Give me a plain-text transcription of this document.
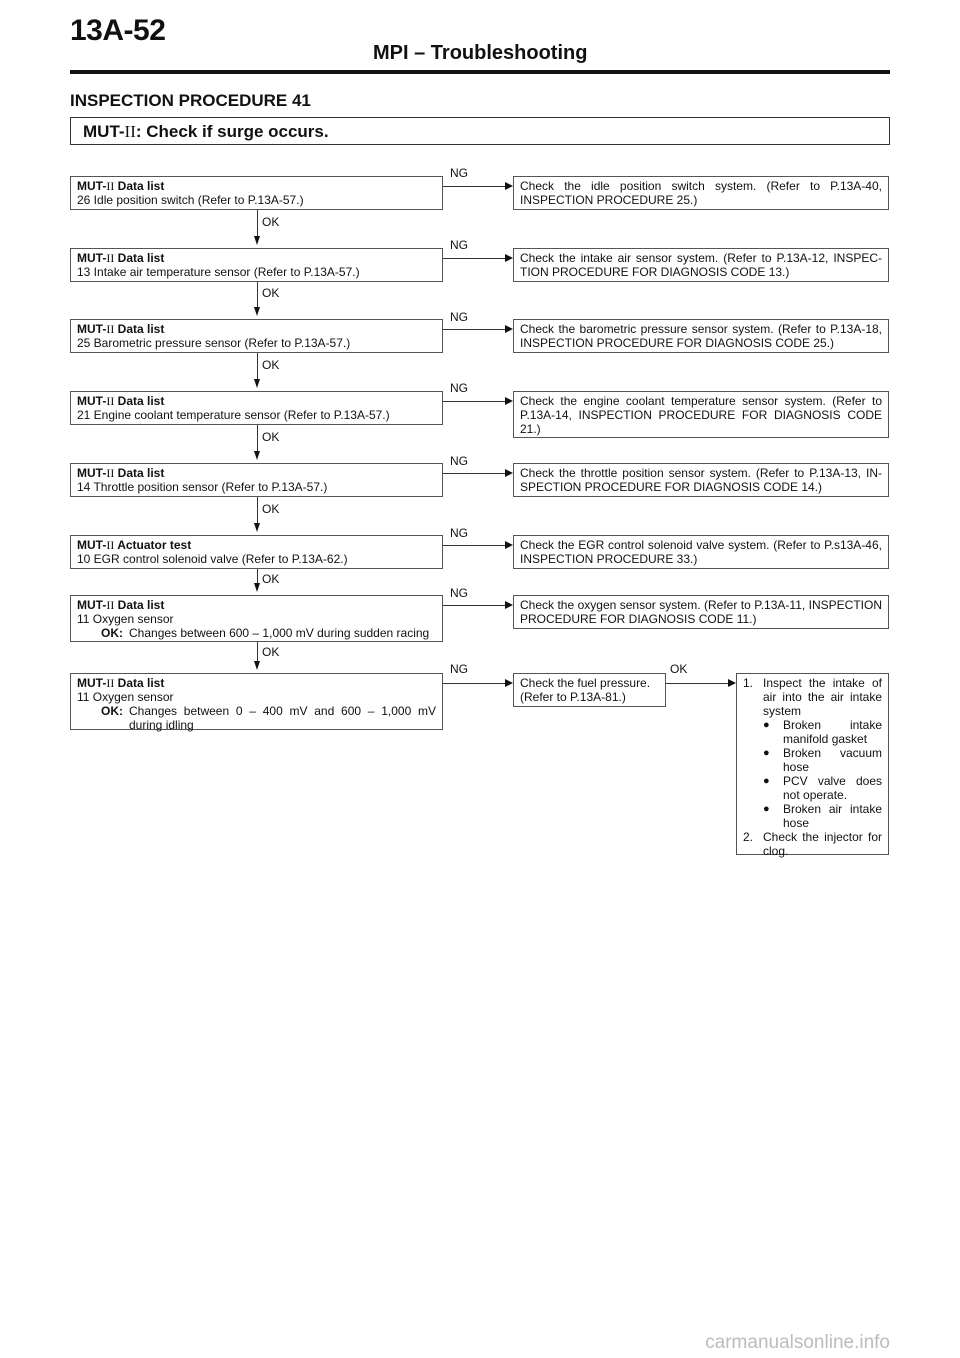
13A-52
MPI – Troubleshooting
INSPECTION PROCEDURE 41
MUT-II: Check if surge occurs.
MUT-II Data list
26 Idle position switch (Refer to P.13A-57.)
NG
Check the idle position switch system. (Refer to P.13A-40, INSPECTION PROCEDURE 25.)
OK
MUT-II Data list
13 Intake air temperature sensor (Refer to P.13A-57.)
NG
Check the intake air sensor system. (Refer to P.13A-12, INSPEC- TION PROCEDURE FOR DIAGNOSIS CODE 13.)
OK
MUT-II Data list
25 Barometric pressure sensor (Refer to P.13A-57.)
NG
Check the barometric pressure sensor system. (Refer to P.13A-18, INSPECTION PROCEDURE FOR DIAGNOSIS CODE 25.)
OK
MUT-II Data list
21 Engine coolant temperature sensor (Refer to P.13A-57.)
NG
Check the engine coolant temperature sensor system. (Refer to P.13A-14, INSPECTION PROCEDURE FOR DIAGNOSIS CODE 21.)
OK
MUT-II Data list
14 Throttle position sensor (Refer to P.13A-57.)
NG
Check the throttle position sensor system. (Refer to P.13A-13, IN- SPECTION PROCEDURE FOR DIAGNOSIS CODE 14.)
OK
MUT-II Actuator test
10 EGR control solenoid valve (Refer to P.13A-62.)
NG
Check the EGR control solenoid valve system. (Refer to P.s13A-46, INSPECTION PROCEDURE 33.)
OK
MUT-II Data list
11 Oxygen sensor
OK: Changes between 600 – 1,000 mV during sudden racing
NG
Check the oxygen sensor system. (Refer to P.13A-11, INSPECTION PROCEDURE FOR DIAGNOSIS CODE 11.)
OK
MUT-II Data list
11 Oxygen sensor
OK: Changes between 0 – 400 mV and 600 – 1,000 mV during idling
NG
Check the fuel pressure. (Refer to P.13A-81.)
OK
1. Inspect the intake of air into the air intake system
●	Broken intake manifold gasket
●	Broken vacuum hose
●	PCV valve does not operate.
●	Broken air intake hose
2. Check the injector for clog.
carmanualsonline.info
